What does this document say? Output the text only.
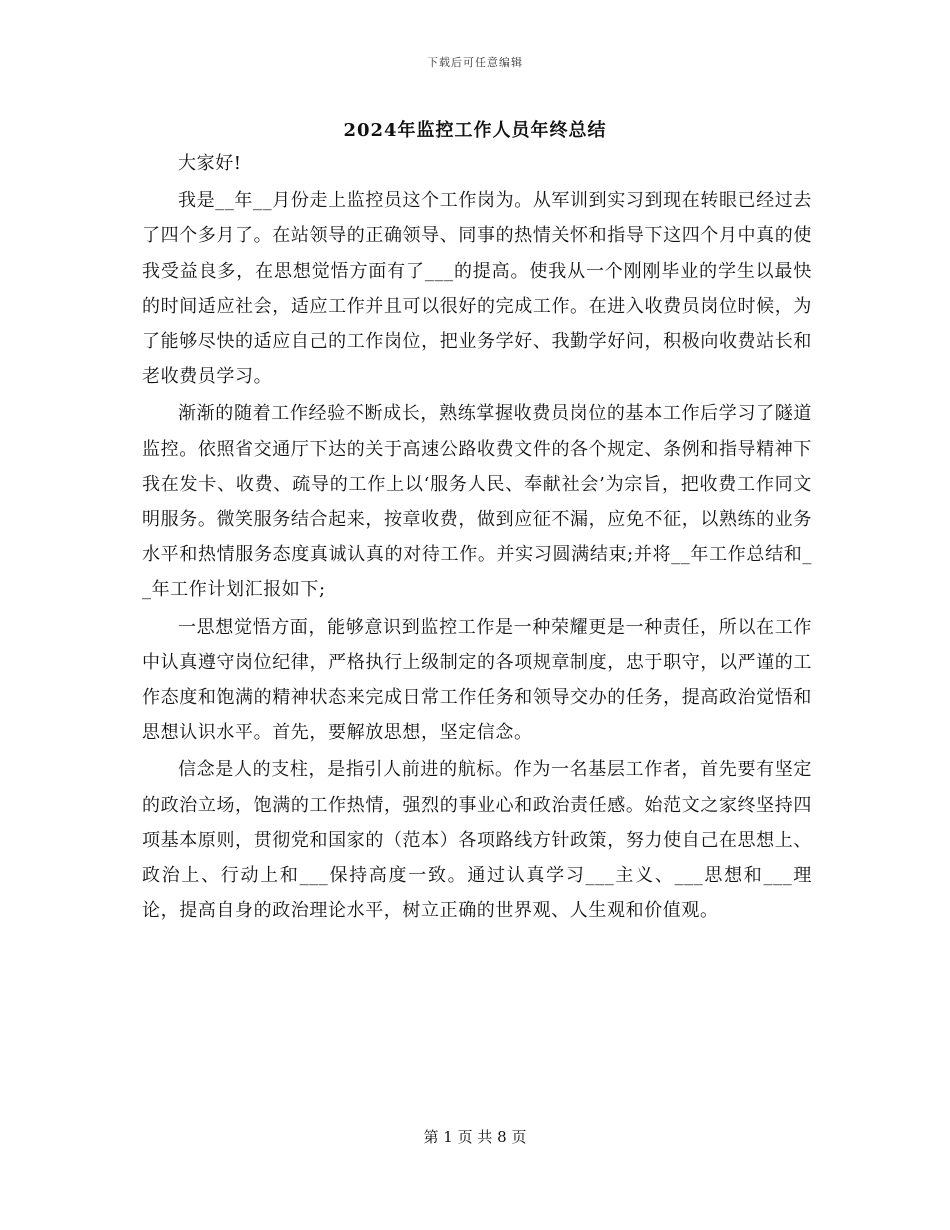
下载后可任意编辑
2024年监控工作人员年终总结

大家好!

我是__年__月份走上监控员这个工作岗为。从军训到实习到现在转眼已经过去了四个多月了。在站领导的正确领导、同事的热情关怀和指导下这四个月中真的使我受益良多，在思想觉悟方面有了___的提高。使我从一个刚刚毕业的学生以最快的时间适应社会，适应工作并且可以很好的完成工作。在进入收费员岗位时候，为了能够尽快的适应自己的工作岗位，把业务学好、我勤学好问，积极向收费站长和老收费员学习。

渐渐的随着工作经验不断成长，熟练掌握收费员岗位的基本工作后学习了隧道监控。依照省交通厅下达的关于高速公路收费文件的各个规定、条例和指导精神下我在发卡、收费、疏导的工作上以‘服务人民、奉献社会’为宗旨，把收费工作同文明服务。微笑服务结合起来，按章收费，做到应征不漏，应免不征，以熟练的业务水平和热情服务态度真诚认真的对待工作。并实习圆满结束;并将__年工作总结和__年工作计划汇报如下;

一思想觉悟方面，能够意识到监控工作是一种荣耀更是一种责任，所以在工作中认真遵守岗位纪律，严格执行上级制定的各项规章制度，忠于职守，以严谨的工作态度和饱满的精神状态来完成日常工作任务和领导交办的任务，提高政治觉悟和思想认识水平。首先，要解放思想，坚定信念。

信念是人的支柱，是指引人前进的航标。作为一名基层工作者，首先要有坚定的政治立场，饱满的工作热情，强烈的事业心和政治责任感。始范文之家终坚持四项基本原则，贯彻党和国家的（范本）各项路线方针政策，努力使自己在思想上、政治上、行动上和___保持高度一致。通过认真学习___主义、___思想和___理论，提高自身的政治理论水平，树立正确的世界观、人生观和价值观。

第 1 页 共 8 页
